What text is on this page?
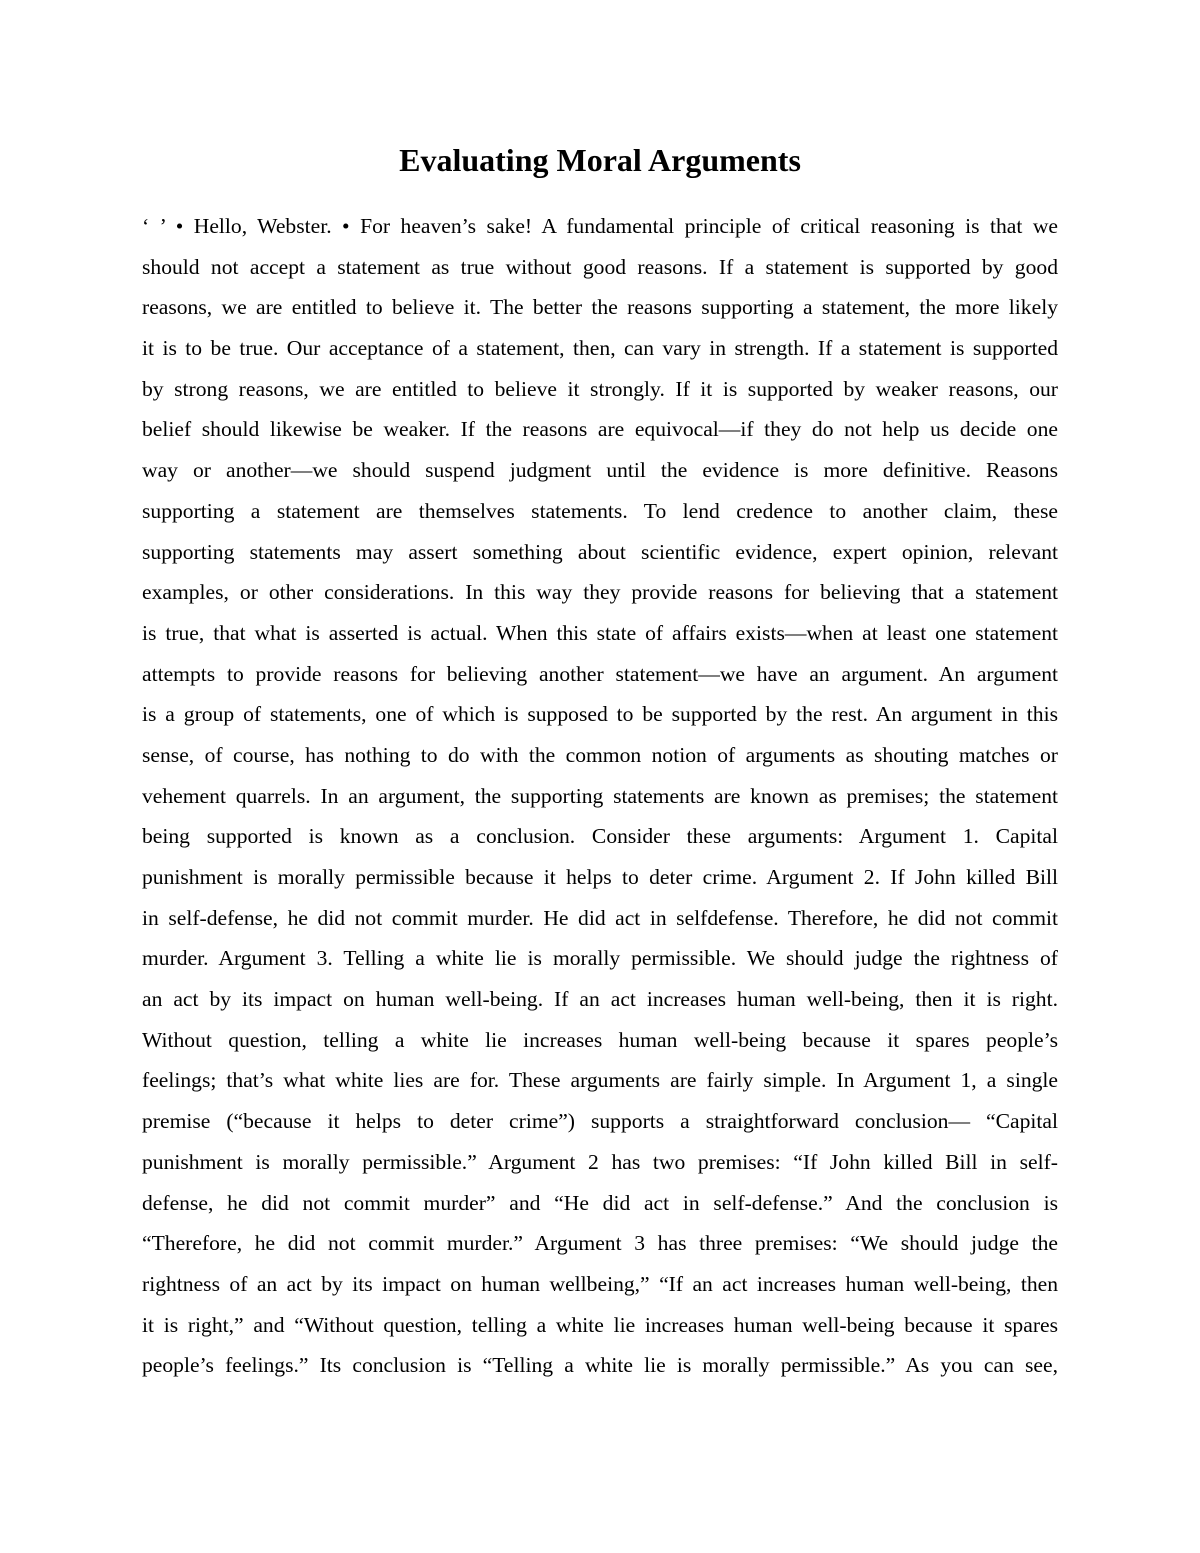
Evaluating Moral Arguments
‘ ’ • Hello, Webster. • For heaven’s sake! A fundamental principle of critical reasoning is that we
should not accept a statement as true without good reasons. If a statement is supported by good
reasons, we are entitled to believe it. The better the reasons supporting a statement, the more likely
it is to be true. Our acceptance of a statement, then, can vary in strength. If a statement is supported
by strong reasons, we are entitled to believe it strongly. If it is supported by weaker reasons, our
belief should likewise be weaker. If the reasons are equivocal—if they do not help us decide one
way or another—we should suspend judgment until the evidence is more definitive. Reasons
supporting a statement are themselves statements. To lend credence to another claim, these
supporting statements may assert something about scientific evidence, expert opinion, relevant
examples, or other considerations. In this way they provide reasons for believing that a statement
is true, that what is asserted is actual. When this state of affairs exists—when at least one statement
attempts to provide reasons for believing another statement—we have an argument. An argument
is a group of statements, one of which is supposed to be supported by the rest. An argument in this
sense, of course, has nothing to do with the common notion of arguments as shouting matches or
vehement quarrels. In an argument, the supporting statements are known as premises; the statement
being supported is known as a conclusion. Consider these arguments: Argument 1. Capital
punishment is morally permissible because it helps to deter crime. Argument 2. If John killed Bill
in self-defense, he did not commit murder. He did act in selfdefense. Therefore, he did not commit
murder. Argument 3. Telling a white lie is morally permissible. We should judge the rightness of
an act by its impact on human well-being. If an act increases human well-being, then it is right.
Without question, telling a white lie increases human well-being because it spares people’s
feelings; that’s what white lies are for. These arguments are fairly simple. In Argument 1, a single
premise (“because it helps to deter crime”) supports a straightforward conclusion— “Capital
punishment is morally permissible.” Argument 2 has two premises: “If John killed Bill in self-
defense, he did not commit murder” and “He did act in self-defense.” And the conclusion is
“Therefore, he did not commit murder.” Argument 3 has three premises: “We should judge the
rightness of an act by its impact on human wellbeing,” “If an act increases human well-being, then
it is right,” and “Without question, telling a white lie increases human well-being because it spares
people’s feelings.” Its conclusion is “Telling a white lie is morally permissible.” As you can see,
